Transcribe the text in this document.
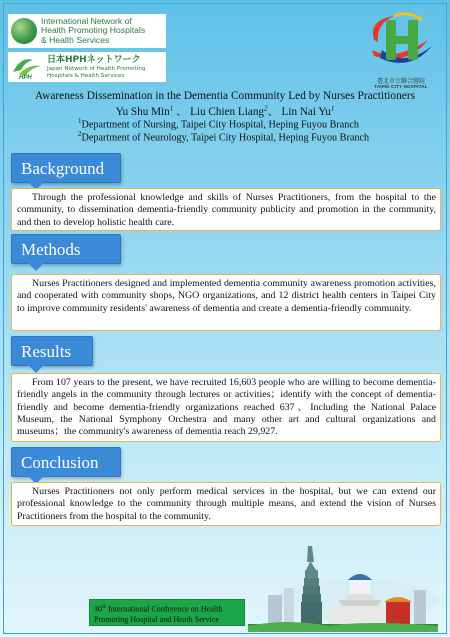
International Network of
Health Promoting Hospitals
& Health Services
HPH
日本HPHネットワーク
Japan Network of Health Promoting
Hospitals & Health Services
臺北市立聯合醫院
TAIPEI CITY HOSPITAL
Awareness Dissemination in the Dementia Community Led by Nurses Practitioners
Yu Shu Min$^1$ 、 Liu Chien Liang$^2$、 Lin Nai Yu$^1$
$^1$Department of Nursing, Taipei City Hospital, Heping Fuyou Branch
$^2$Department of Neurology, Taipei City Hospital, Heping Fuyou Branch
Background

Through the professional knowledge and skills of Nurses Practitioners, from the hospital to the community, to dissemination dementia-friendly community publicity and promotion in the community, and then to develop holistic health care.

Methods

Nurses Practitioners designed and implemented dementia community awareness promotion activities, and cooperated with community shops, NGO organizations, and 12 district health centers in Taipei City to improve community residents' awareness of dementia and create a dementia-friendly community.

Results

From 107 years to the present, we have recruited 16,603 people who are willing to become dementia-friendly angels in the community through lectures or activities；identify with the concept of dementia-friendly and become dementia-friendly organizations reached 637、Including the National Palace Museum, the National Symphony Orchestra and many other art and cultural organizations and museums；the community's awareness of dementia reach 29,927.

Conclusion

Nurses Practitioners not only perform medical services in the hospital, but we can extend our professional knowledge to the community through multiple means, and extend the vision of Nurses Practitioners from the hospital to the community.

30th International Conference on Health Promoting Hospital and Heath Service
